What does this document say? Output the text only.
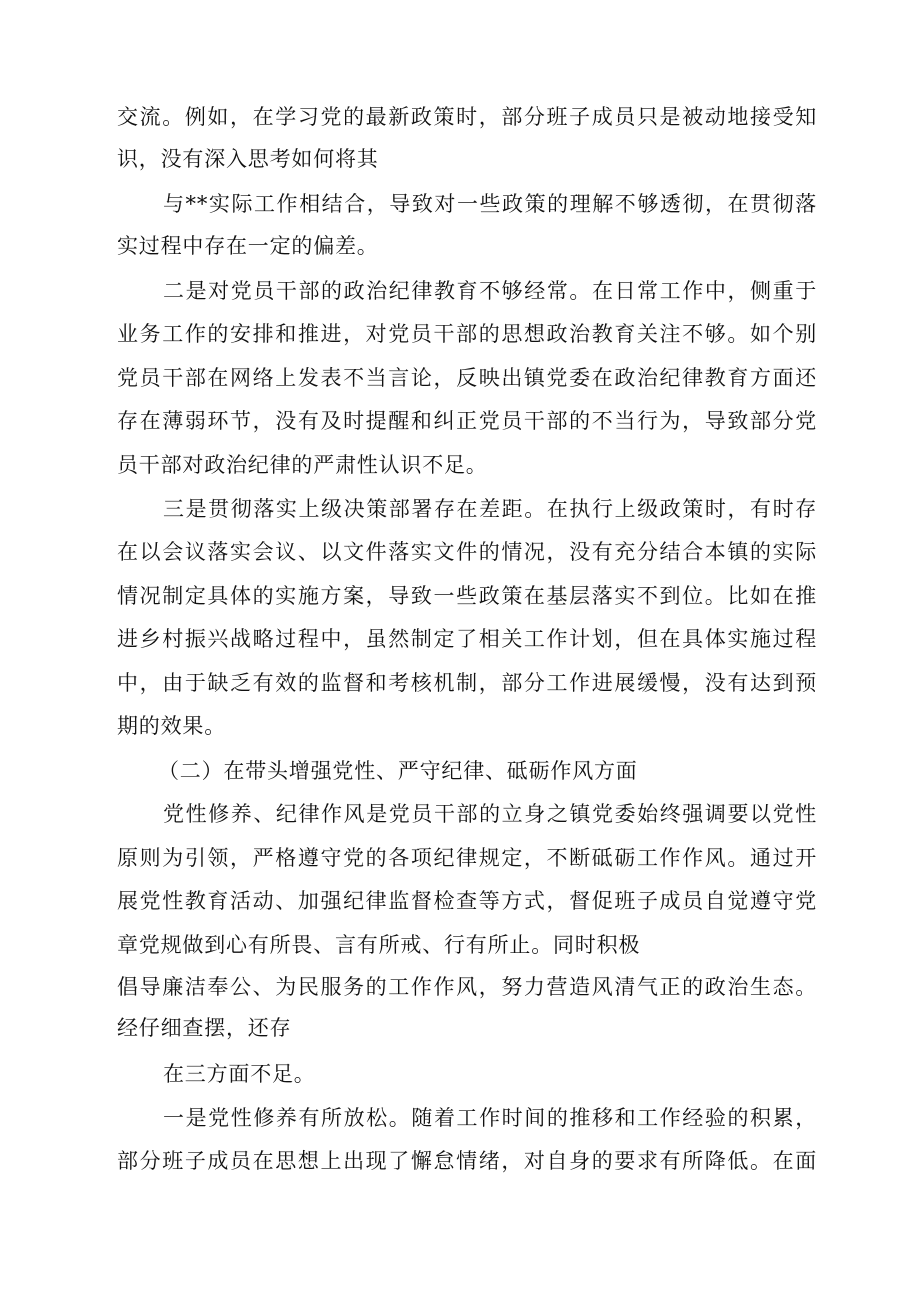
交流。例如，在学习党的最新政策时，部分班子成员只是被动地接受知
识，没有深入思考如何将其
与**实际工作相结合，导致对一些政策的理解不够透彻，在贯彻落
实过程中存在一定的偏差。
二是对党员干部的政治纪律教育不够经常。在日常工作中，侧重于
业务工作的安排和推进，对党员干部的思想政治教育关注不够。如个别
党员干部在网络上发表不当言论，反映出镇党委在政治纪律教育方面还
存在薄弱环节，没有及时提醒和纠正党员干部的不当行为，导致部分党
员干部对政治纪律的严肃性认识不足。
三是贯彻落实上级决策部署存在差距。在执行上级政策时，有时存
在以会议落实会议、以文件落实文件的情况，没有充分结合本镇的实际
情况制定具体的实施方案，导致一些政策在基层落实不到位。比如在推
进乡村振兴战略过程中，虽然制定了相关工作计划，但在具体实施过程
中，由于缺乏有效的监督和考核机制，部分工作进展缓慢，没有达到预
期的效果。
（二）在带头增强党性、严守纪律、砥砺作风方面
党性修养、纪律作风是党员干部的立身之镇党委始终强调要以党性
原则为引领，严格遵守党的各项纪律规定，不断砥砺工作作风。通过开
展党性教育活动、加强纪律监督检查等方式，督促班子成员自觉遵守党
章党规做到心有所畏、言有所戒、行有所止。同时积极
倡导廉洁奉公、为民服务的工作作风，努力营造风清气正的政治生态。
经仔细查摆，还存
在三方面不足。
一是党性修养有所放松。随着工作时间的推移和工作经验的积累，
部分班子成员在思想上出现了懈怠情绪，对自身的要求有所降低。在面
